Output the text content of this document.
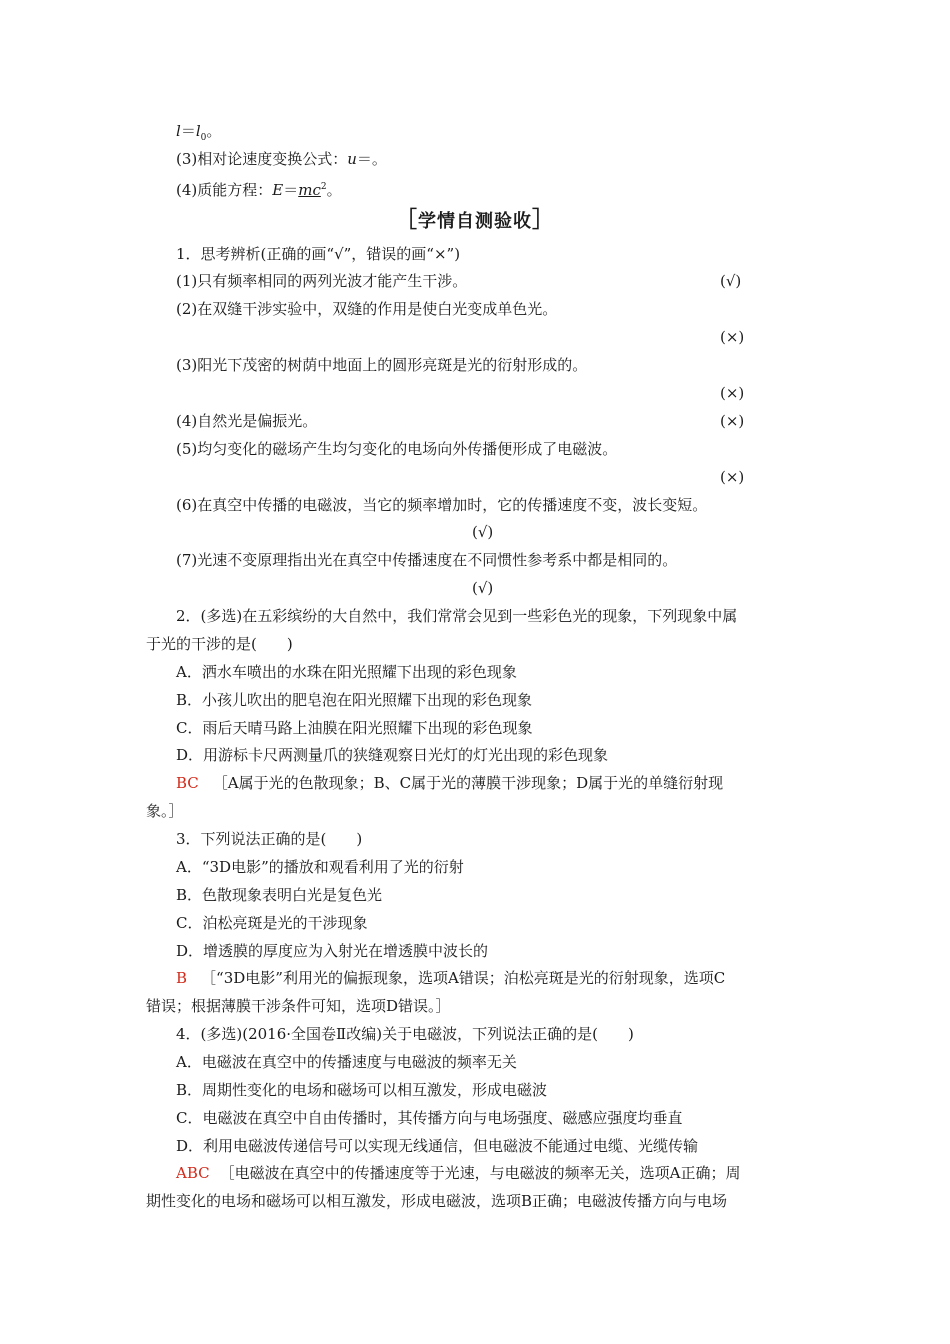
$l=l_0$。
(3)相对论速度变换公式：u＝。
(4)质能方程：$E=mc^2$。
［学情自测验收］
1．思考辨析(正确的画“√”，错误的画“×”)
(1)只有频率相同的两列光波才能产生干涉。	(√)
(2)在双缝干涉实验中，双缝的作用是使白光变成单色光。
(×)
(3)阳光下茂密的树荫中地面上的圆形亮斑是光的衍射形成的。
(×)
(4)自然光是偏振光。	(×)
(5)均匀变化的磁场产生均匀变化的电场向外传播便形成了电磁波。
(×)
(6)在真空中传播的电磁波，当它的频率增加时，它的传播速度不变，波长变短。
(√)
(7)光速不变原理指出光在真空中传播速度在不同惯性参考系中都是相同的。
(√)
2．(多选)在五彩缤纷的大自然中，我们常常会见到一些彩色光的现象，下列现象中属
于光的干涉的是(　　)
A．洒水车喷出的水珠在阳光照耀下出现的彩色现象
B．小孩儿吹出的肥皂泡在阳光照耀下出现的彩色现象
C．雨后天晴马路上油膜在阳光照耀下出现的彩色现象
D．用游标卡尺两测量爪的狭缝观察日光灯的灯光出现的彩色现象
BC ［A属于光的色散现象；B、C属于光的薄膜干涉现象；D属于光的单缝衍射现
象。］
3．下列说法正确的是(　　)
A．“3D电影”的播放和观看利用了光的衍射
B．色散现象表明白光是复色光
C．泊松亮斑是光的干涉现象
D．增透膜的厚度应为入射光在增透膜中波长的
B ［“3D电影”利用光的偏振现象，选项A错误；泊松亮斑是光的衍射现象，选项C
错误；根据薄膜干涉条件可知，选项D错误。］
4．(多选)(2016·全国卷Ⅱ改编)关于电磁波，下列说法正确的是(　　)
A．电磁波在真空中的传播速度与电磁波的频率无关
B．周期性变化的电场和磁场可以相互激发，形成电磁波
C．电磁波在真空中自由传播时，其传播方向与电场强度、磁感应强度均垂直
D．利用电磁波传递信号可以实现无线通信，但电磁波不能通过电缆、光缆传输
ABC ［电磁波在真空中的传播速度等于光速，与电磁波的频率无关，选项A正确；周
期性变化的电场和磁场可以相互激发，形成电磁波，选项B正确；电磁波传播方向与电场
